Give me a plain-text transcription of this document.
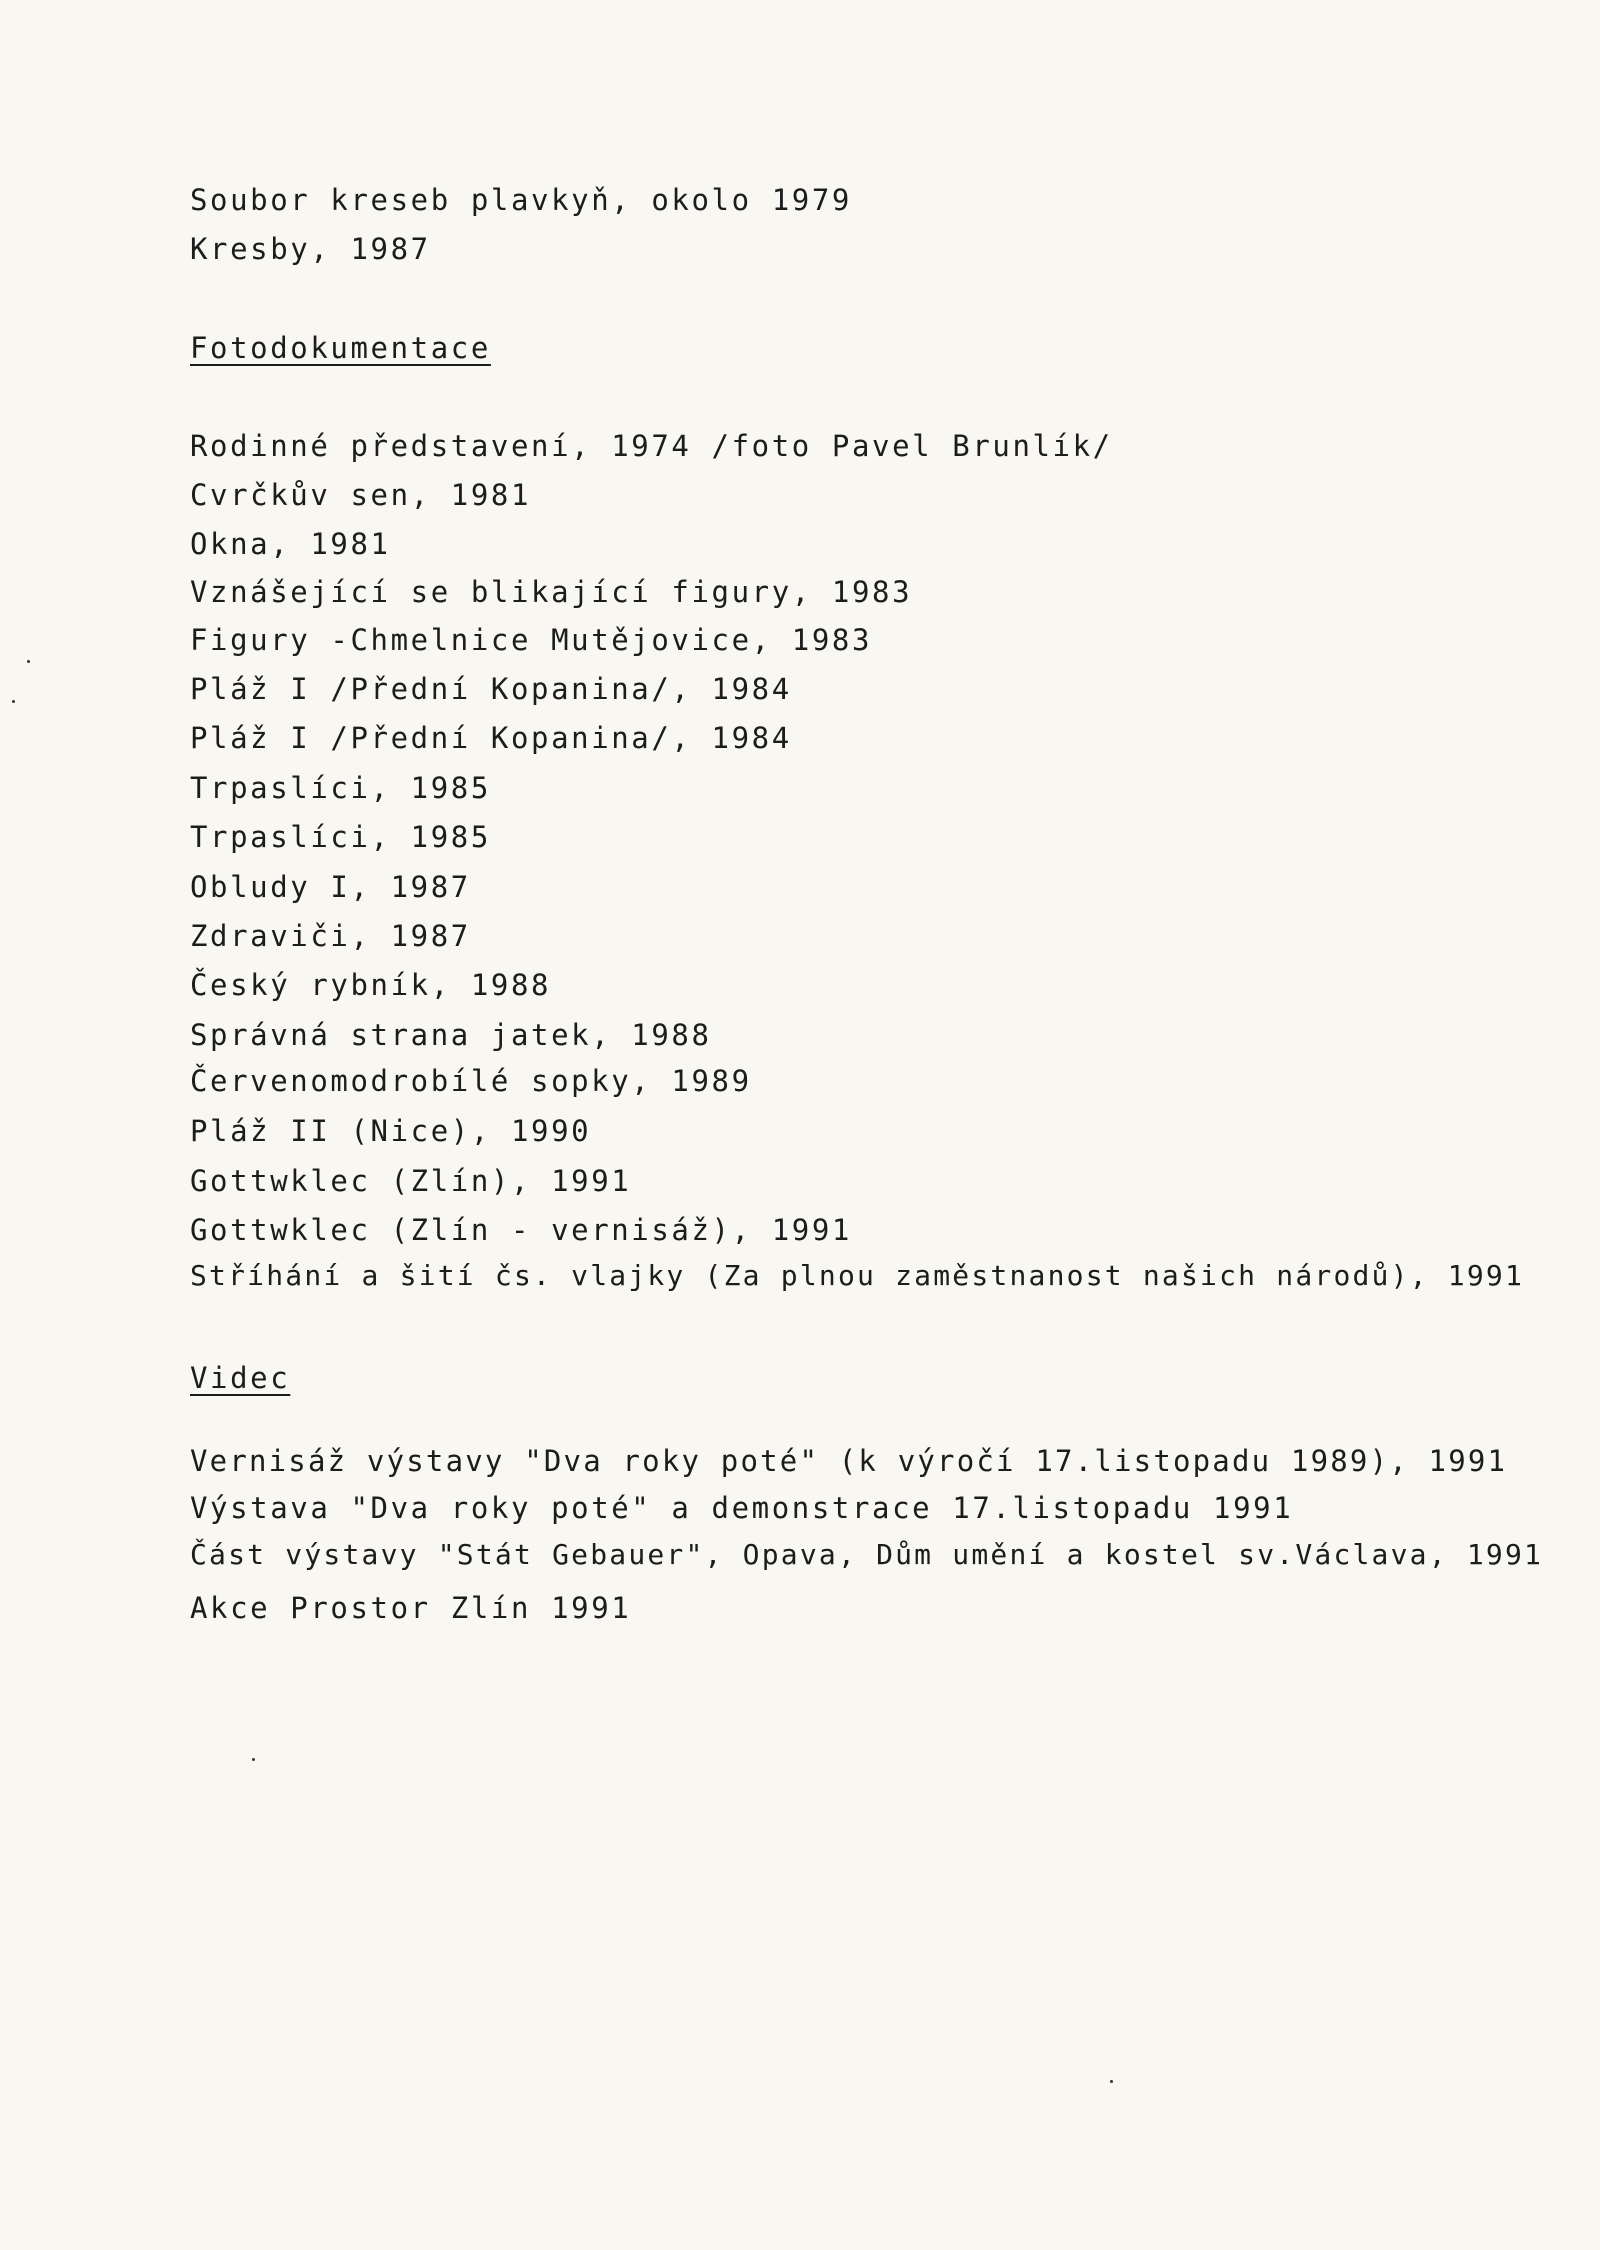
Soubor kreseb plavkyň, okolo 1979
Kresby, 1987
Fotodokumentace
Rodinné představení, 1974 /foto Pavel Brunlík/
Cvrčkův sen, 1981
Okna, 1981
Vznášející se blikající figury, 1983
Figury -Chmelnice Mutějovice, 1983
Pláž I /Přední Kopanina/, 1984
Pláž I /Přední Kopanina/, 1984
Trpaslíci, 1985
Trpaslíci, 1985
Obludy I, 1987
Zdraviči, 1987
Český rybník, 1988
Správná strana jatek, 1988
Červenomodrobílé sopky, 1989
Pláž II (Nice), 1990
Gottwklec (Zlín), 1991
Gottwklec (Zlín - vernisáž), 1991
Stříhání a šití čs. vlajky (Za plnou zaměstnanost našich národů), 1991
Videc
Vernisáž výstavy "Dva roky poté" (k výročí 17.listopadu 1989), 1991
Výstava "Dva roky poté" a demonstrace 17.listopadu 1991
Část výstavy "Stát Gebauer", Opava, Dům umění a kostel sv.Václava, 1991
Akce Prostor Zlín 1991
